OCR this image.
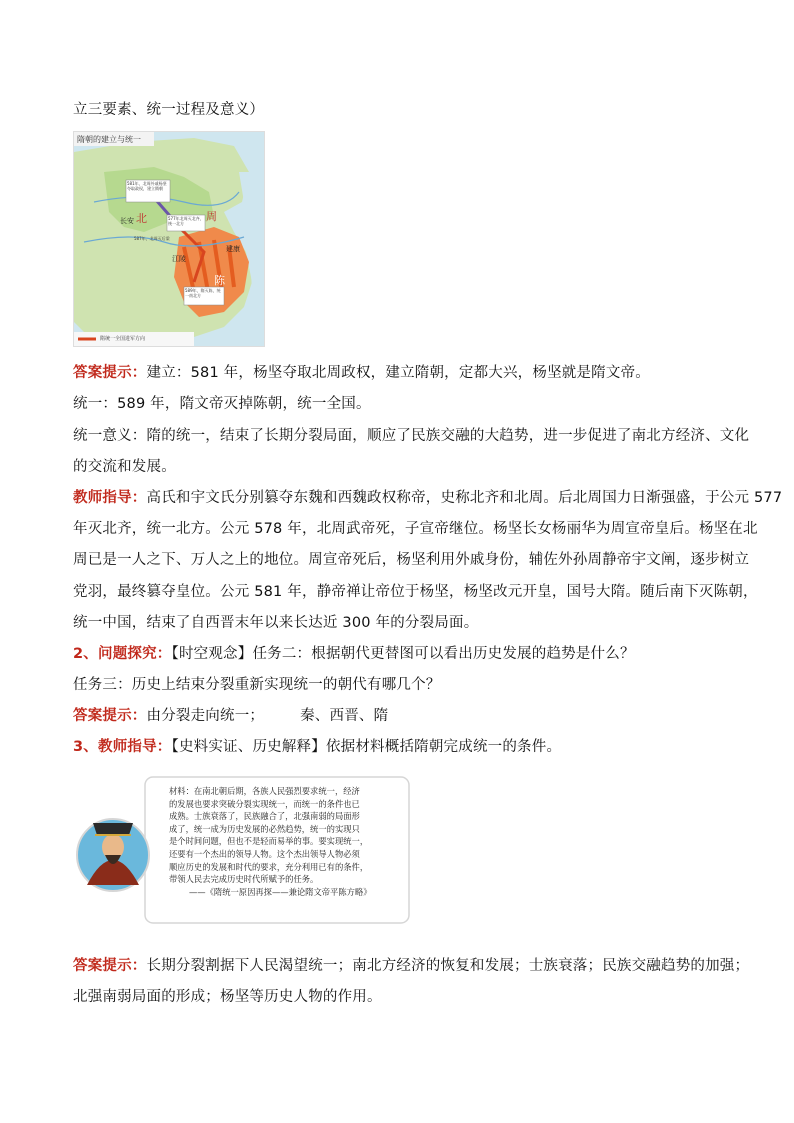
立三要素、统一过程及意义）
隋朝的建立与统一
北	周
长安
江陵
建康
陈
581年，北周外戚杨坚夺取政权，建立隋朝
577年北周灭北齐，统一北方
587年，北周灭后梁
589年，隋灭陈，统一南北方
隋统一全国进军方向
答案提示：建立：581 年，杨坚夺取北周政权，建立隋朝，定都大兴，杨坚就是隋文帝。
统一：589 年，隋文帝灭掉陈朝，统一全国。
统一意义：隋的统一，结束了长期分裂局面，顺应了民族交融的大趋势，进一步促进了南北方经济、文化
的交流和发展。
教师指导：高氏和宇文氏分别篡夺东魏和西魏政权称帝，史称北齐和北周。后北周国力日渐强盛，于公元 577
年灭北齐，统一北方。公元 578 年，北周武帝死，子宣帝继位。杨坚长女杨丽华为周宣帝皇后。杨坚在北
周已是一人之下、万人之上的地位。周宣帝死后，杨坚利用外戚身份，辅佐外孙周静帝宇文阐，逐步树立
党羽，最终篡夺皇位。公元 581 年，静帝禅让帝位于杨坚，杨坚改元开皇，国号大隋。随后南下灭陈朝，
统一中国，结束了自西晋末年以来长达近 300 年的分裂局面。
2、问题探究：【时空观念】任务二：根据朝代更替图可以看出历史发展的趋势是什么？
任务三：历史上结束分裂重新实现统一的朝代有哪几个？
答案提示：由分裂走向统一； 秦、西晋、隋
3、教师指导：【史料实证、历史解释】依据材料概括隋朝完成统一的条件。
材料：在南北朝后期，各族人民强烈要求统一，经济
的发展也要求突破分裂实现统一，而统一的条件也已
成熟。士族衰落了，民族融合了，北强南弱的局面形
成了，统一成为历史发展的必然趋势，统一的实现只
是个时间问题，但也不是轻而易举的事。要实现统一，
还要有一个杰出的领导人物。这个杰出领导人物必须
顺应历史的发展和时代的要求，充分利用已有的条件，
带领人民去完成历史时代所赋予的任务。
——《隋统一原因再探——兼论隋文帝平陈方略》
答案提示：长期分裂割据下人民渴望统一；南北方经济的恢复和发展；士族衰落；民族交融趋势的加强；
北强南弱局面的形成；杨坚等历史人物的作用。
